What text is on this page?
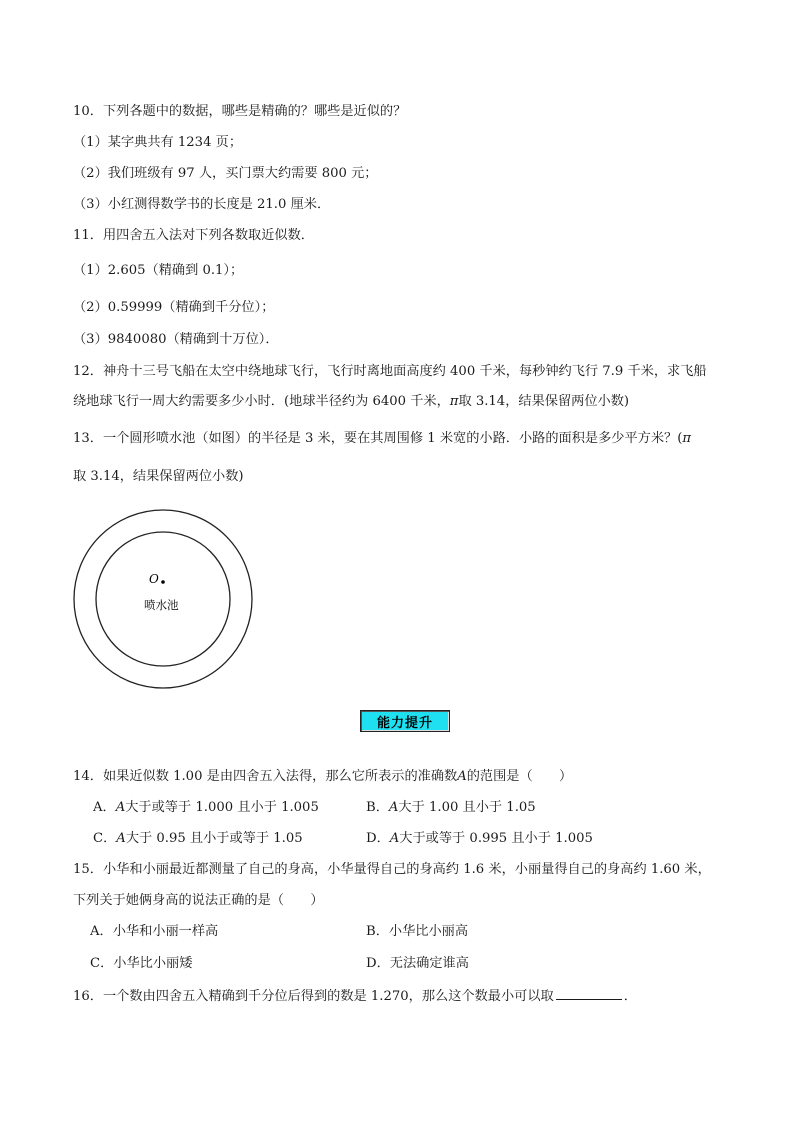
10．下列各题中的数据，哪些是精确的？哪些是近似的？
（1）某字典共有 1234 页；
（2）我们班级有 97 人，买门票大约需要 800 元；
（3）小红测得数学书的长度是 21.0 厘米．
11．用四舍五入法对下列各数取近似数．
（1）2.605（精确到 0.1）；
（2）0.59999（精确到千分位）；
（3）9840080（精确到十万位）．
12．神舟十三号飞船在太空中绕地球飞行，飞行时离地面高度约 400 千米，每秒钟约飞行 7.9 千米，求飞船
绕地球飞行一周大约需要多少小时．(地球半径约为 6400 千米，π取 3.14，结果保留两位小数)
13．一个圆形喷水池（如图）的半径是 3 米，要在其周围修 1 米宽的小路．小路的面积是多少平方米？(π
取 3.14，结果保留两位小数)
O
喷水池
能力提升
14．如果近似数 1.00 是由四舍五入法得，那么它所表示的准确数A的范围是（　　）
A．A大于或等于 1.000 且小于 1.005	B．A大于 1.00 且小于 1.05
C．A大于 0.95 且小于或等于 1.05	D．A大于或等于 0.995 且小于 1.005
15．小华和小丽最近都测量了自己的身高，小华量得自己的身高约 1.6 米，小丽量得自己的身高约 1.60 米，
下列关于她俩身高的说法正确的是（　　）
A．小华和小丽一样高	B．小华比小丽高
C．小华比小丽矮	D．无法确定谁高
16．一个数由四舍五入精确到千分位后得到的数是 1.270，那么这个数最小可以取	．
